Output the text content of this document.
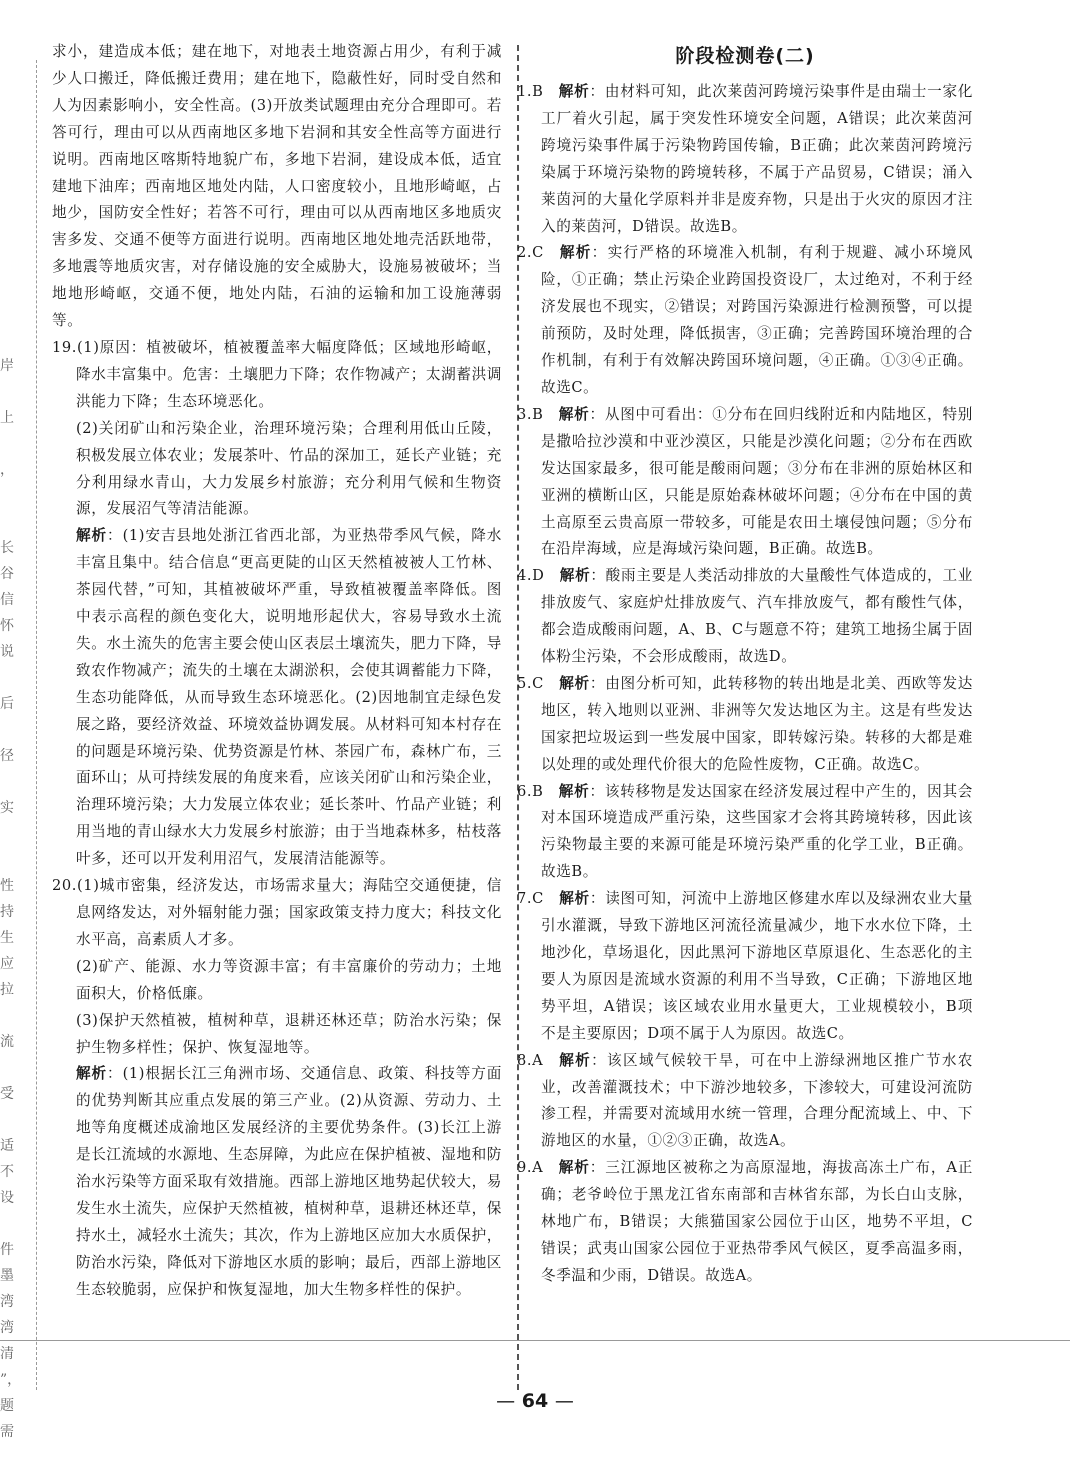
岸
上
，
长
谷
信
怀
说
后
径
实
性
持
生
应
拉
流
受
适
不
设
件
墨
湾
湾
清
”，
题
需

求小，建造成本低；建在地下，对地表土地资源占用少，有利于减少人口搬迁，降低搬迁费用；建在地下，隐蔽性好，同时受自然和人为因素影响小，安全性高。(3)开放类试题理由充分合理即可。若答可行，理由可以从西南地区多地下岩洞和其安全性高等方面进行说明。西南地区喀斯特地貌广布，多地下岩洞，建设成本低，适宜建地下油库；西南地区地处内陆，人口密度较小，且地形崎岖，占地少，国防安全性好；若答不可行，理由可以从西南地区多地质灾害多发、交通不便等方面进行说明。西南地区地处地壳活跃地带，多地震等地质灾害，对存储设施的安全威胁大，设施易被破坏；当地地形崎岖，交通不便，地处内陆，石油的运输和加工设施薄弱等。

19.(1)原因：植被破坏，植被覆盖率大幅度降低；区域地形崎岖，降水丰富集中。危害：土壤肥力下降；农作物减产；太湖蓄洪调洪能力下降；生态环境恶化。

(2)关闭矿山和污染企业，治理环境污染；合理利用低山丘陵，积极发展立体农业；发展茶叶、竹品的深加工，延长产业链；充分利用绿水青山，大力发展乡村旅游；充分利用气候和生物资源，发展沼气等清洁能源。

解析：(1)安吉县地处浙江省西北部，为亚热带季风气候，降水丰富且集中。结合信息“更高更陡的山区天然植被被人工竹林、茶园代替，”可知，其植被破坏严重，导致植被覆盖率降低。图中表示高程的颜色变化大，说明地形起伏大，容易导致水土流失。水土流失的危害主要会使山区表层土壤流失，肥力下降，导致农作物减产；流失的土壤在太湖淤积，会使其调蓄能力下降，生态功能降低，从而导致生态环境恶化。(2)因地制宜走绿色发展之路，要经济效益、环境效益协调发展。从材料可知本村存在的问题是环境污染、优势资源是竹林、茶园广布，森林广布，三面环山；从可持续发展的角度来看，应该关闭矿山和污染企业，治理环境污染；大力发展立体农业；延长茶叶、竹品产业链；利用当地的青山绿水大力发展乡村旅游；由于当地森林多，枯枝落叶多，还可以开发利用沼气，发展清洁能源等。

20.(1)城市密集，经济发达，市场需求量大；海陆空交通便捷，信息网络发达，对外辐射能力强；国家政策支持力度大；科技文化水平高，高素质人才多。

(2)矿产、能源、水力等资源丰富；有丰富廉价的劳动力；土地面积大，价格低廉。

(3)保护天然植被，植树种草，退耕还林还草；防治水污染；保护生物多样性；保护、恢复湿地等。

解析：(1)根据长江三角洲市场、交通信息、政策、科技等方面的优势判断其应重点发展的第三产业。(2)从资源、劳动力、土地等角度概述成渝地区发展经济的主要优势条件。(3)长江上游是长江流域的水源地、生态屏障，为此应在保护植被、湿地和防治水污染等方面采取有效措施。西部上游地区地势起伏较大，易发生水土流失，应保护天然植被，植树种草，退耕还林还草，保持水土，减轻水土流失；其次，作为上游地区应加大水质保护，防治水污染，降低对下游地区水质的影响；最后，西部上游地区生态较脆弱，应保护和恢复湿地，加大生物多样性的保护。

阶段检测卷(二)

1.B  解析：由材料可知，此次莱茵河跨境污染事件是由瑞士一家化工厂着火引起，属于突发性环境安全问题，A错误；此次莱茵河跨境污染事件属于污染物跨国传输，B正确；此次莱茵河跨境污染属于环境污染物的跨境转移，不属于产品贸易，C错误；涌入莱茵河的大量化学原料并非是废弃物，只是出于火灾的原因才注入的莱茵河，D错误。故选B。

2.C  解析：实行严格的环境准入机制，有利于规避、减小环境风险，①正确；禁止污染企业跨国投资设厂，太过绝对，不利于经济发展也不现实，②错误；对跨国污染源进行检测预警，可以提前预防，及时处理，降低损害，③正确；完善跨国环境治理的合作机制，有利于有效解决跨国环境问题，④正确。①③④正确。故选C。

3.B  解析：从图中可看出：①分布在回归线附近和内陆地区，特别是撒哈拉沙漠和中亚沙漠区，只能是沙漠化问题；②分布在西欧发达国家最多，很可能是酸雨问题；③分布在非洲的原始林区和亚洲的横断山区，只能是原始森林破坏问题；④分布在中国的黄土高原至云贵高原一带较多，可能是农田土壤侵蚀问题；⑤分布在沿岸海域，应是海域污染问题，B正确。故选B。

4.D  解析：酸雨主要是人类活动排放的大量酸性气体造成的，工业排放废气、家庭炉灶排放废气、汽车排放废气，都有酸性气体，都会造成酸雨问题，A、B、C与题意不符；建筑工地扬尘属于固体粉尘污染，不会形成酸雨，故选D。

5.C  解析：由图分析可知，此转移物的转出地是北美、西欧等发达地区，转入地则以亚洲、非洲等欠发达地区为主。这是有些发达国家把垃圾运到一些发展中国家，即转嫁污染。转移的大都是难以处理的或处理代价很大的危险性废物，C正确。故选C。

6.B  解析：该转移物是发达国家在经济发展过程中产生的，因其会对本国环境造成严重污染，这些国家才会将其跨境转移，因此该污染物最主要的来源可能是环境污染严重的化学工业，B正确。故选B。

7.C  解析：读图可知，河流中上游地区修建水库以及绿洲农业大量引水灌溉，导致下游地区河流径流量减少，地下水水位下降，土地沙化，草场退化，因此黑河下游地区草原退化、生态恶化的主要人为原因是流域水资源的利用不当导致，C正确；下游地区地势平坦，A错误；该区域农业用水量更大，工业规模较小，B项不是主要原因；D项不属于人为原因。故选C。

8.A  解析：该区域气候较干旱，可在中上游绿洲地区推广节水农业，改善灌溉技术；中下游沙地较多，下渗较大，可建设河流防渗工程，并需要对流域用水统一管理，合理分配流域上、中、下游地区的水量，①②③正确，故选A。

9.A  解析：三江源地区被称之为高原湿地，海拔高冻土广布，A正确；老爷岭位于黑龙江省东南部和吉林省东部，为长白山支脉，林地广布，B错误；大熊猫国家公园位于山区，地势不平坦，C错误；武夷山国家公园位于亚热带季风气候区，夏季高温多雨，冬季温和少雨，D错误。故选A。

— 64 —
